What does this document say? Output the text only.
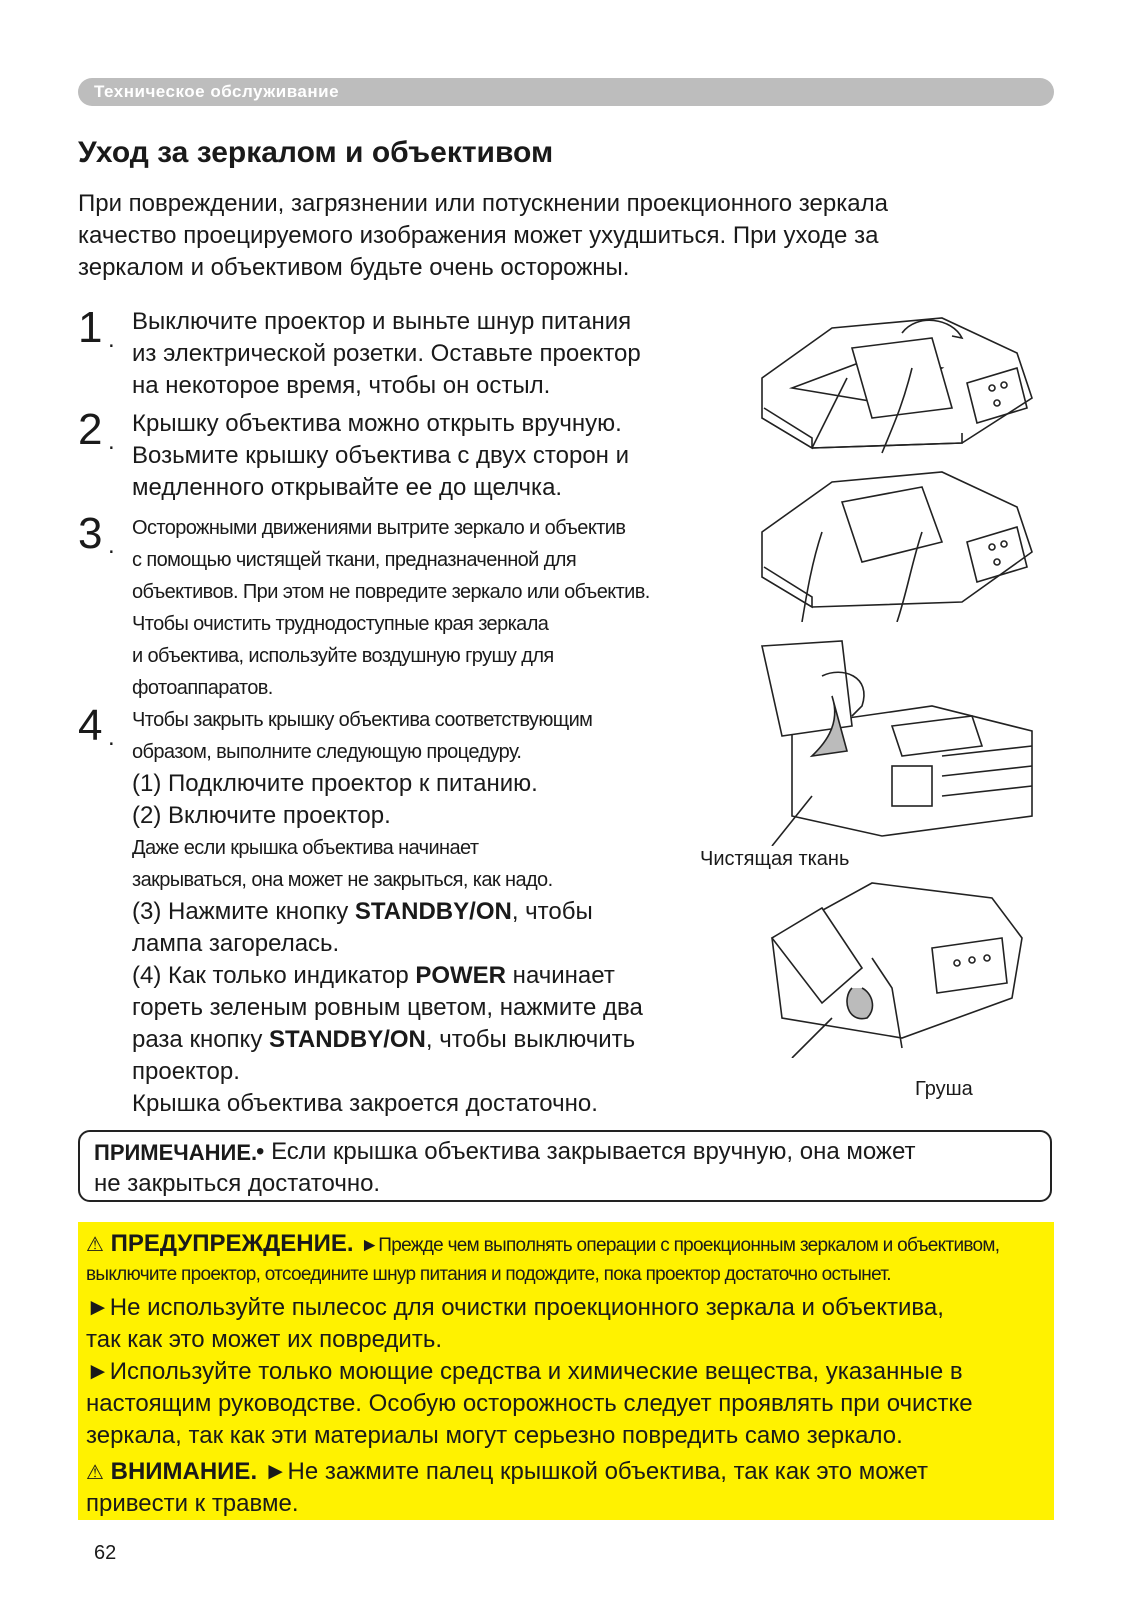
Техническое обслуживание
Уход за зеркалом и объективом
При повреждении, загрязнении или потускнении проекционного зеркала
качество проецируемого изображения может ухудшиться. При уходе за
зеркалом и объективом будьте очень осторожны.
1 .
Выключите проектор и выньте шнур питания
из электрической розетки. Оставьте проектор
на некоторое время, чтобы он остыл.
2 .
Крышку объектива можно открыть вручную.
Возьмите крышку объектива с двух сторон и
медленного открывайте ее до щелчка.
3 .
Осторожными движениями вытрите зеркало и объектив
с помощью чистящей ткани, предназначенной для
объективов. При этом не повредите зеркало или объектив.
Чтобы очистить труднодоступные края зеркала
и объектива, используйте воздушную грушу для
фотоаппаратов.
4 .
Чтобы закрыть крышку объектива соответствующим
образом, выполните следующую процедуру.
(1) Подключите проектор к питанию.
(2) Включите проектор.
Даже если крышка объектива начинает
закрываться, она может не закрыться, как надо.
(3) Нажмите кнопку STANDBY/ON, чтобы
лампа загорелась.
(4) Как только индикатор POWER начинает
гореть зеленым ровным цветом, нажмите два
раза кнопку STANDBY/ON, чтобы выключить
проектор.
Крышка объектива закроется достаточно.
Чистящая ткань
Груша
ПРИМЕЧАНИЕ.
• Если крышка объектива закрывается вручную, она может
не закрыться достаточно.
⚠ ПРЕДУПРЕЖДЕНИЕ. ►Прежде чем выполнять операции с проекционным зеркалом и объективом,
выключите проектор, отсоедините шнур питания и подождите, пока проектор достаточно остынет.
►Не используйте пылесос для очистки проекционного зеркала и объектива,
так как это может их повредить.
►Используйте только моющие средства и химические вещества, указанные в
настоящим руководстве. Особую осторожность следует проявлять при очистке
зеркала, так как эти материалы могут серьезно повредить само зеркало.
⚠ ВНИМАНИЕ. ►Не зажмите палец крышкой объектива, так как это может
привести к травме.
62
